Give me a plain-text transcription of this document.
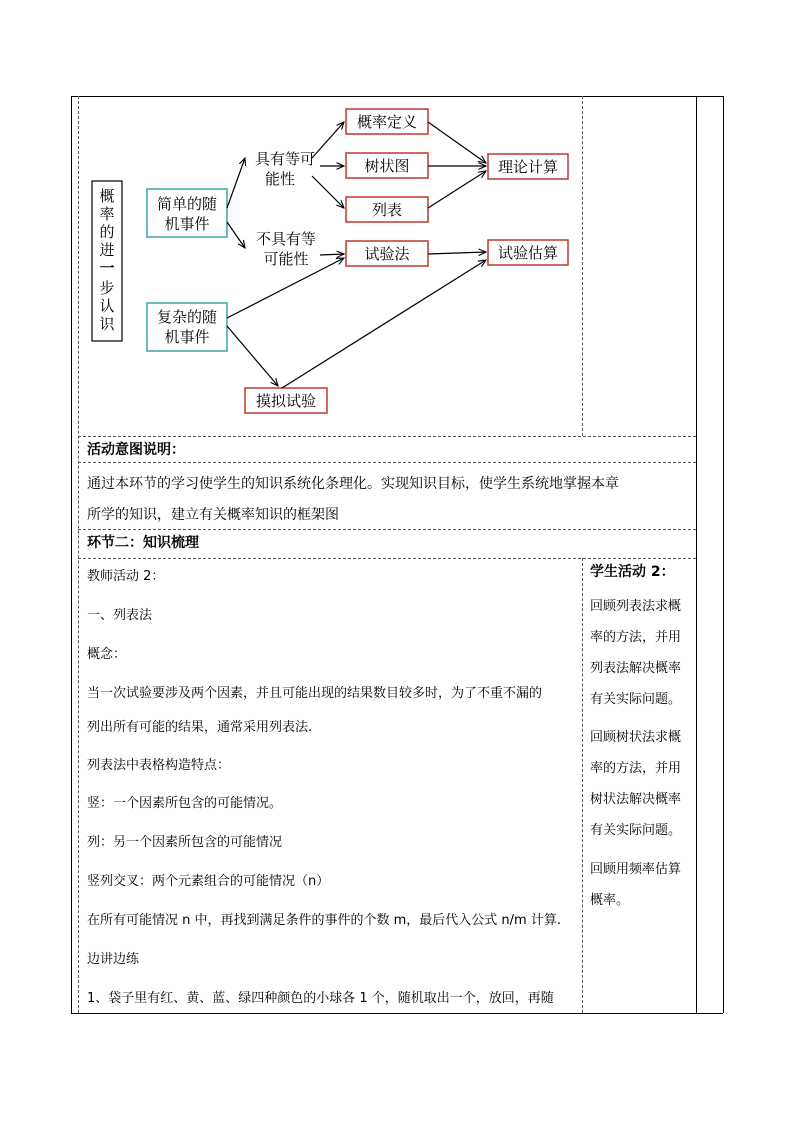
概
率
的
进
一
步
认
识
简单的随
机事件
复杂的随
机事件
具有等可
能性
不具有等
可能性
概率定义
树状图
列表
试验法
理论计算
试验估算
摸拟试验
活动意图说明：
通过本环节的学习使学生的知识系统化条理化。实现知识目标，使学生系统地掌握本章
所学的知识，建立有关概率知识的框架图
环节二：知识梳理
教师活动 2：
一、列表法
概念：
当一次试验要涉及两个因素，并且可能出现的结果数目较多时，为了不重不漏的
列出所有可能的结果，通常采用列表法.
列表法中表格构造特点：
竖：一个因素所包含的可能情况。
列：另一个因素所包含的可能情况
竖列交叉：两个元素组合的可能情况（n）
在所有可能情况 n 中，再找到满足条件的事件的个数 m，最后代入公式 n/m 计算.
边讲边练
1、袋子里有红、黄、蓝、绿四种颜色的小球各 1 个，随机取出一个，放回，再随
学生活动 2：
回顾列表法求概
率的方法，并用
列表法解决概率
有关实际问题。
回顾树状法求概
率的方法，并用
树状法解决概率
有关实际问题。
回顾用频率估算
概率。
